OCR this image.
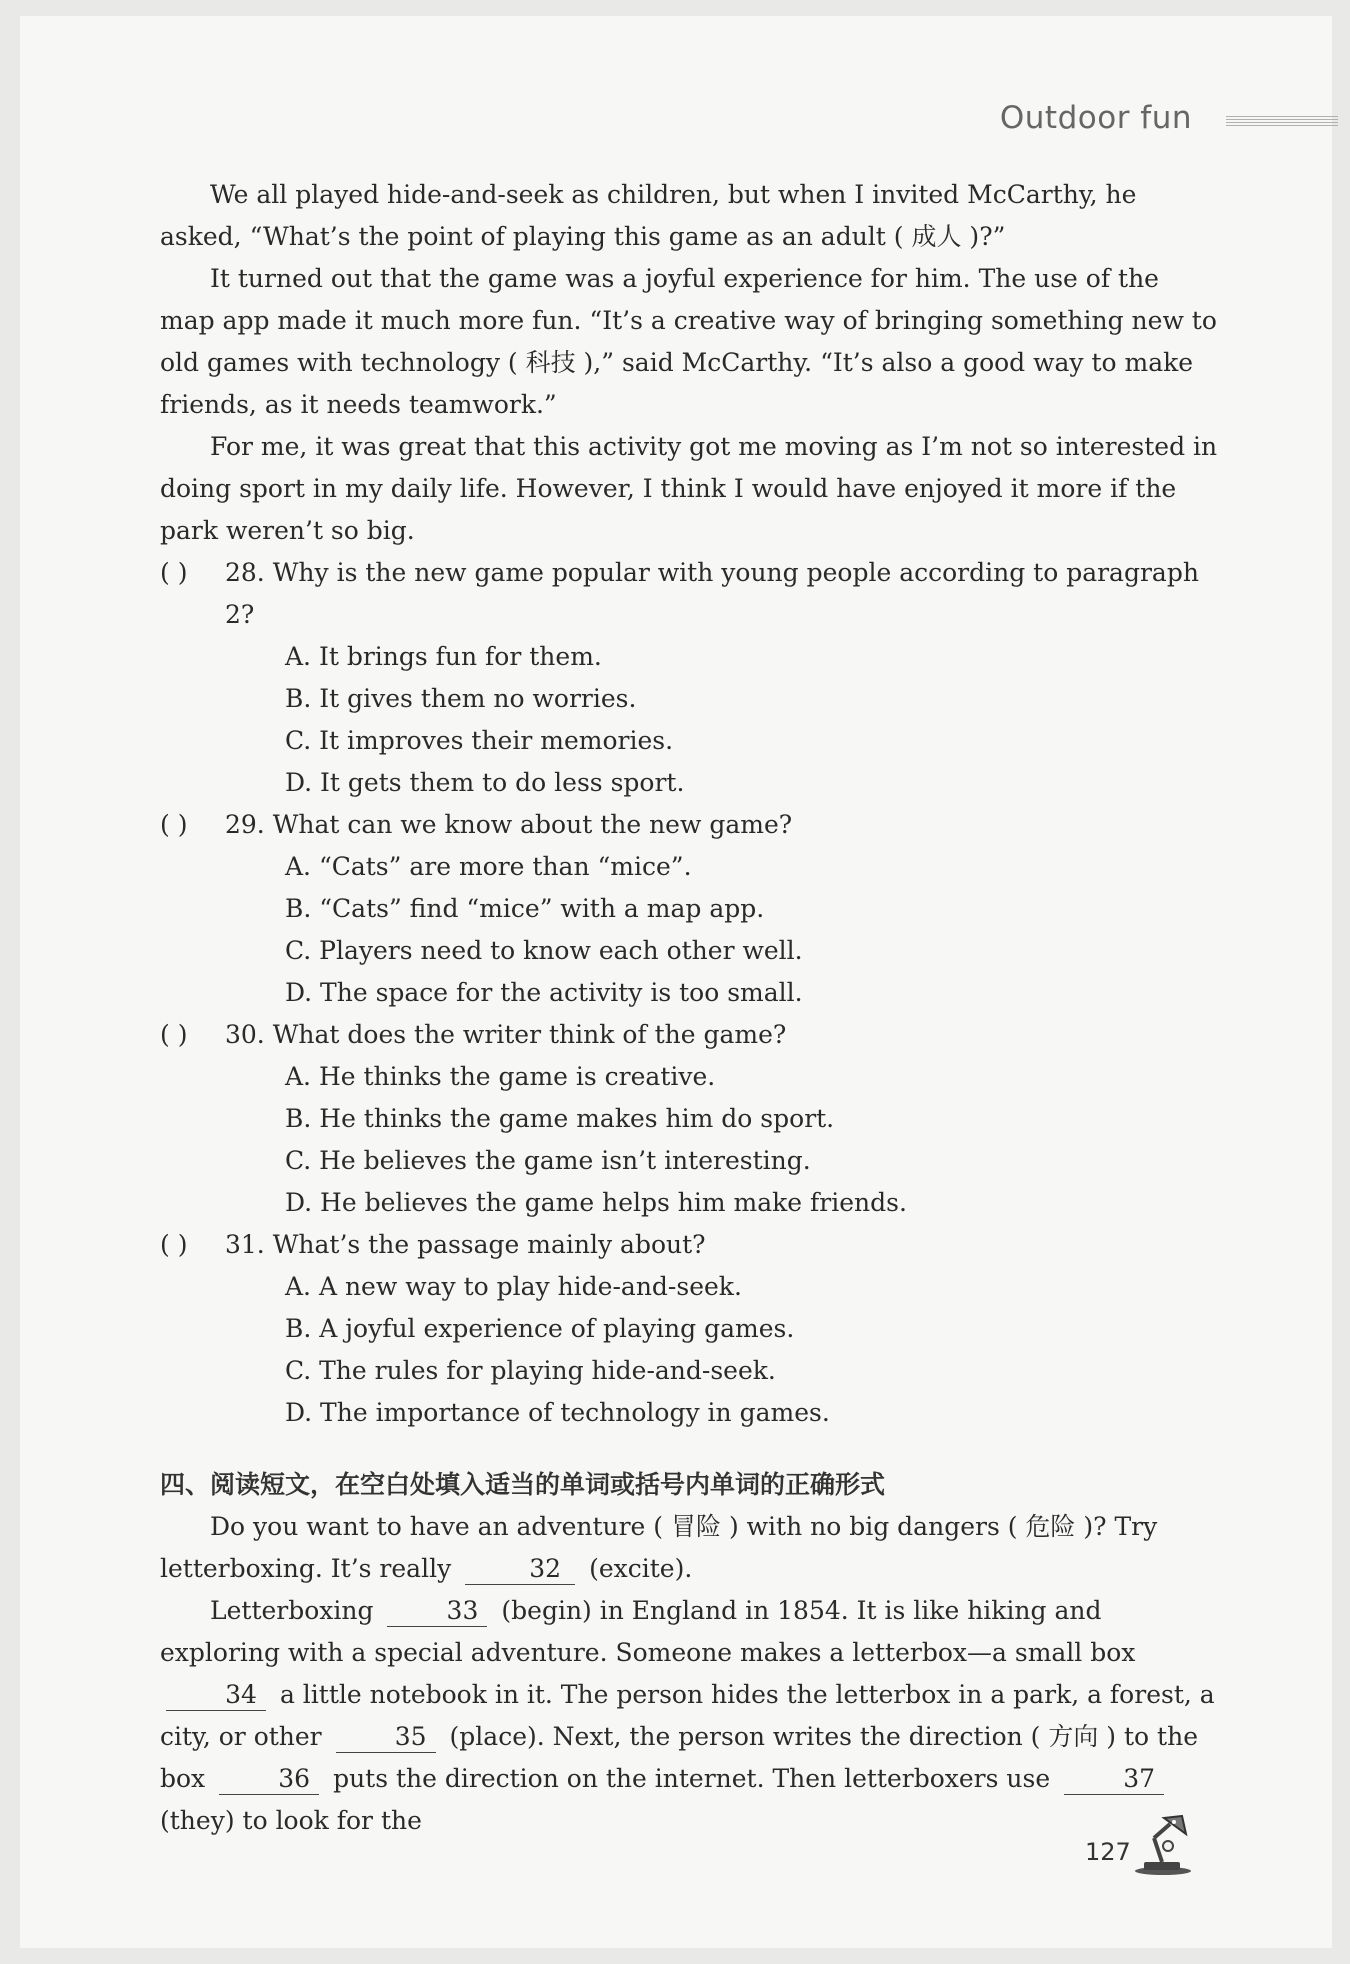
Outdoor fun

We all played hide-and-seek as children, but when I invited McCarthy, he asked, “What’s the point of playing this game as an adult ( 成人 )?”

It turned out that the game was a joyful experience for him. The use of the map app made it much more fun. “It’s a creative way of bringing something new to old games with technology ( 科技 ),” said McCarthy. “It’s also a good way to make friends, as it needs teamwork.”

For me, it was great that this activity got me moving as I’m not so interested in doing sport in my daily life. However, I think I would have enjoyed it more if the park weren’t so big.

( )	28. Why is the new game popular with young people according to paragraph 2?
A. It brings fun for them.
B. It gives them no worries.
C. It improves their memories.
D. It gets them to do less sport.
( )	29. What can we know about the new game?
A. “Cats” are more than “mice”.
B. “Cats” find “mice” with a map app.
C. Players need to know each other well.
D. The space for the activity is too small.
( )	30. What does the writer think of the game?
A. He thinks the game is creative.
B. He thinks the game makes him do sport.
C. He believes the game isn’t interesting.
D. He believes the game helps him make friends.
( )	31. What’s the passage mainly about?
A. A new way to play hide-and-seek.
B. A joyful experience of playing games.
C. The rules for playing hide-and-seek.
D. The importance of technology in games.
四、阅读短文，在空白处填入适当的单词或括号内单词的正确形式

Do you want to have an adventure ( 冒险 ) with no big dangers ( 危险 )? Try letterboxing. It’s really	32 (excite).

Letterboxing	33 (begin) in England in 1854. It is like hiking and exploring with a special adventure. Someone makes a letterbox—a small box 34 a little notebook in it. The person hides the letterbox in a park, a forest, a city, or other	35 (place). Next, the person writes the direction ( 方向 ) to the box	36 puts the direction on the internet. Then letterboxers use	37 (they) to look for the

127
